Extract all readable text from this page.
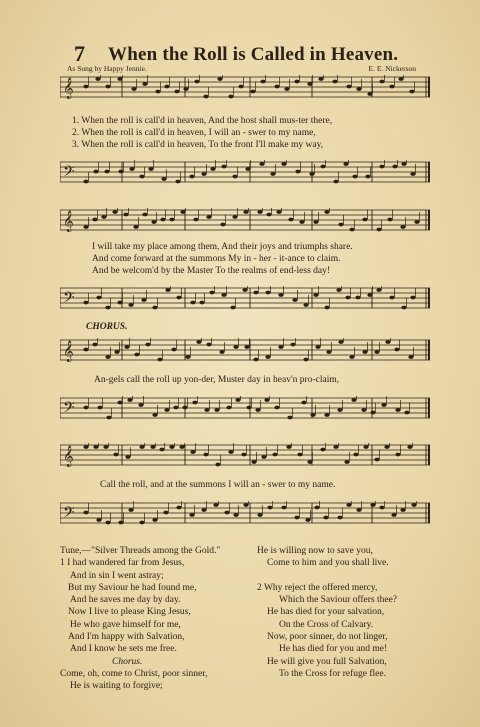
7 When the Roll is Called in Heaven.
As Sung by Happy Jennie.	E. E. Nickerson
𝄞
1. When the roll is call'd in heaven, And the host shall mus-ter there,
2. When the roll is call'd in heaven, I will an - swer to my name,
3. When the roll is call'd in heaven, To the front I'll make my way,
𝄢
𝄞
I will take my place among them, And their joys and triumphs share.
And come forward at the summons My in - her - it-ance to claim.
And be welcom'd by the Master To the realms of end-less day!
𝄢
CHORUS.
𝄞
An-gels call the roll up yon-der, Muster day in heav'n pro-claim,
𝄢
𝄞
Call the roll, and at the summons I will an - swer to my name.
𝄢
Tune,—"Silver Threads among the Gold."
1 I had wandered far from Jesus,
And in sin I went astray;
But my Saviour he had found me,
And he saves me day by day.
Now I live to please King Jesus,
He who gave himself for me,
And I'm happy with Salvation,
And I know he sets me free.
Chorus.
Come, oh, come to Christ, poor sinner,
He is waiting to forgive;
He is willing now to save you,
Come to him and you shall live.

2 Why reject the offered mercy,
Which the Saviour offers thee?
He has died for your salvation,
On the Cross of Calvary.
Now, poor sinner, do not linger,
He has died for you and me!
He will give you full Salvation,
To the Cross for refuge flee.
